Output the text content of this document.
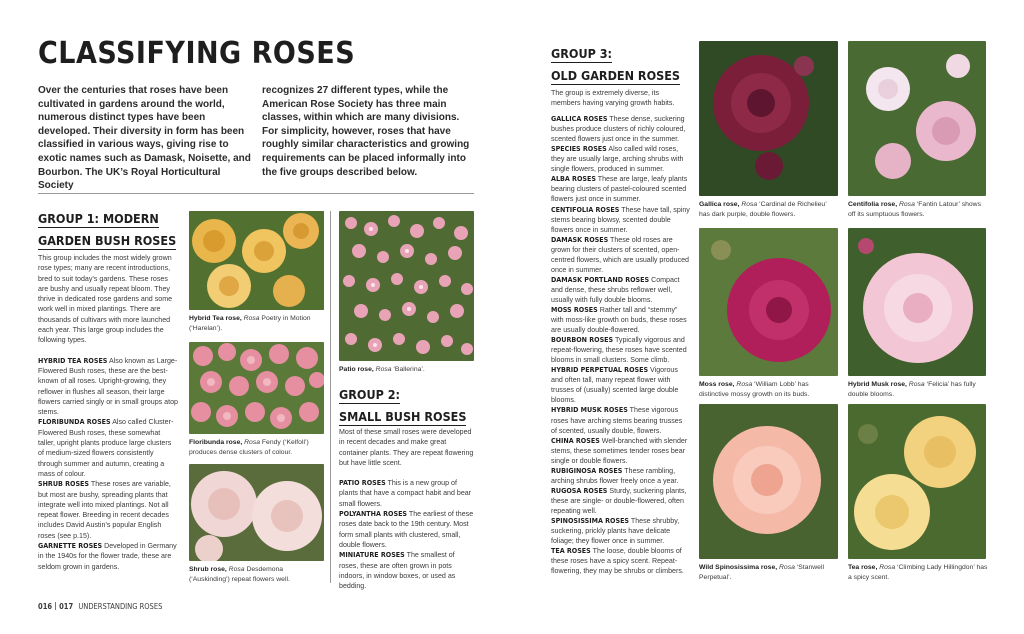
CLASSIFYING ROSES
Over the centuries that roses have been cultivated in gardens around the world, numerous distinct types have been developed. Their diversity in form has been classified in various ways, giving rise to exotic names such as Damask, Noisette, and Bourbon. The UK’s Royal Horticultural Society
recognizes 27 different types, while the American Rose Society has three main classes, within which are many divisions. For simplicity, however, roses that have roughly similar characteristics and growing requirements can be placed informally into the five groups described below.
GROUP 1: MODERN
GARDEN BUSH ROSES

This group includes the most widely grown rose types; many are recent introductions, bred to suit today’s gardens. These roses are bushy and usually repeat bloom. They thrive in dedicated rose gardens and some work well in mixed plantings. There are thousands of cultivars with more launched each year. This large group includes the following types.

HYBRID TEA ROSES Also known as Large-Flowered Bush roses, these are the best-known of all roses. Upright-growing, they reflower in flushes all season, their large flowers carried singly or in small groups atop stems.

FLORIBUNDA ROSES Also called Cluster-Flowered Bush roses, these somewhat taller, upright plants produce large clusters of medium-sized flowers consistently through summer and autumn, creating a mass of colour.

SHRUB ROSES These roses are variable, but most are bushy, spreading plants that integrate well into mixed plantings. Not all repeat flower. Breeding in recent decades includes David Austin’s popular English roses (see p.15).

GARNETTE ROSES Developed in Germany in the 1940s for the flower trade, these are seldom grown in gardens.

Hybrid Tea rose, Rosa Poetry in Motion (‘Harelan’).
Floribunda rose, Rosa Fendy (‘Kelfoll’) produces dense clusters of colour.
Shrub rose, Rosa Desdemona (‘Auskinding’) repeat flowers well.
Patio rose, Rosa ‘Ballerina’.
GROUP 2:
SMALL BUSH ROSES

Most of these small roses were developed in recent decades and make great container plants. They are repeat flowering but have little scent.

PATIO ROSES This is a new group of plants that have a compact habit and bear small flowers.

POLYANTHA ROSES The earliest of these roses date back to the 19th century. Most form small plants with clustered, small, double flowers.

MINIATURE ROSES The smallest of roses, these are often grown in pots indoors, in window boxes, or used as bedding.

GROUP 3:
OLD GARDEN ROSES

The group is extremely diverse, its members having varying growth habits.

GALLICA ROSES These dense, suckering bushes produce clusters of richly coloured, scented flowers just once in the summer.

SPECIES ROSES Also called wild roses, they are usually large, arching shrubs with single flowers, produced in summer.

ALBA ROSES These are large, leafy plants bearing clusters of pastel-coloured scented flowers just once in summer.

CENTIFOLIA ROSES These have tall, spiny stems bearing blowsy, scented double flowers once in summer.

DAMASK ROSES These old roses are grown for their clusters of scented, open-centred flowers, which are usually produced once in summer.

DAMASK PORTLAND ROSES Compact and dense, these shrubs reflower well, usually with fully double blooms.

MOSS ROSES Rather tall and “stemmy” with moss-like growth on buds, these roses are usually double-flowered.

BOURBON ROSES Typically vigorous and repeat-flowering, these roses have scented blooms in small clusters. Some climb.

HYBRID PERPETUAL ROSES Vigorous and often tall, many repeat flower with trusses of (usually) scented large double blooms.

HYBRID MUSK ROSES These vigorous roses have arching stems bearing trusses of scented, usually double, flowers.

CHINA ROSES Well-branched with slender stems, these sometimes tender roses bear single or double flowers.

RUBIGINOSA ROSES These rambling, arching shrubs flower freely once a year.

RUGOSA ROSES Sturdy, suckering plants, these are single- or double-flowered, often repeating well.

SPINOSISSIMA ROSES These shrubby, suckering, prickly plants have delicate foliage; they flower once in summer.

TEA ROSES The loose, double blooms of these roses have a spicy scent. Repeat-flowering, they may be shrubs or climbers.

Gallica rose, Rosa ‘Cardinal de Richelieu’ has dark purple, double flowers.
Centifolia rose, Rosa ‘Fantin Latour’ shows off its sumptuous flowers.
Moss rose, Rosa ‘William Lobb’ has distinctive mossy growth on its buds.
Hybrid Musk rose, Rosa ‘Felicia’ has fully double blooms.
Wild Spinosissima rose, Rosa ‘Stanwell Perpetual’.
Tea rose, Rosa ‘Climbing Lady Hillingdon’ has a spicy scent.
016 017 UNDERSTANDING ROSES
